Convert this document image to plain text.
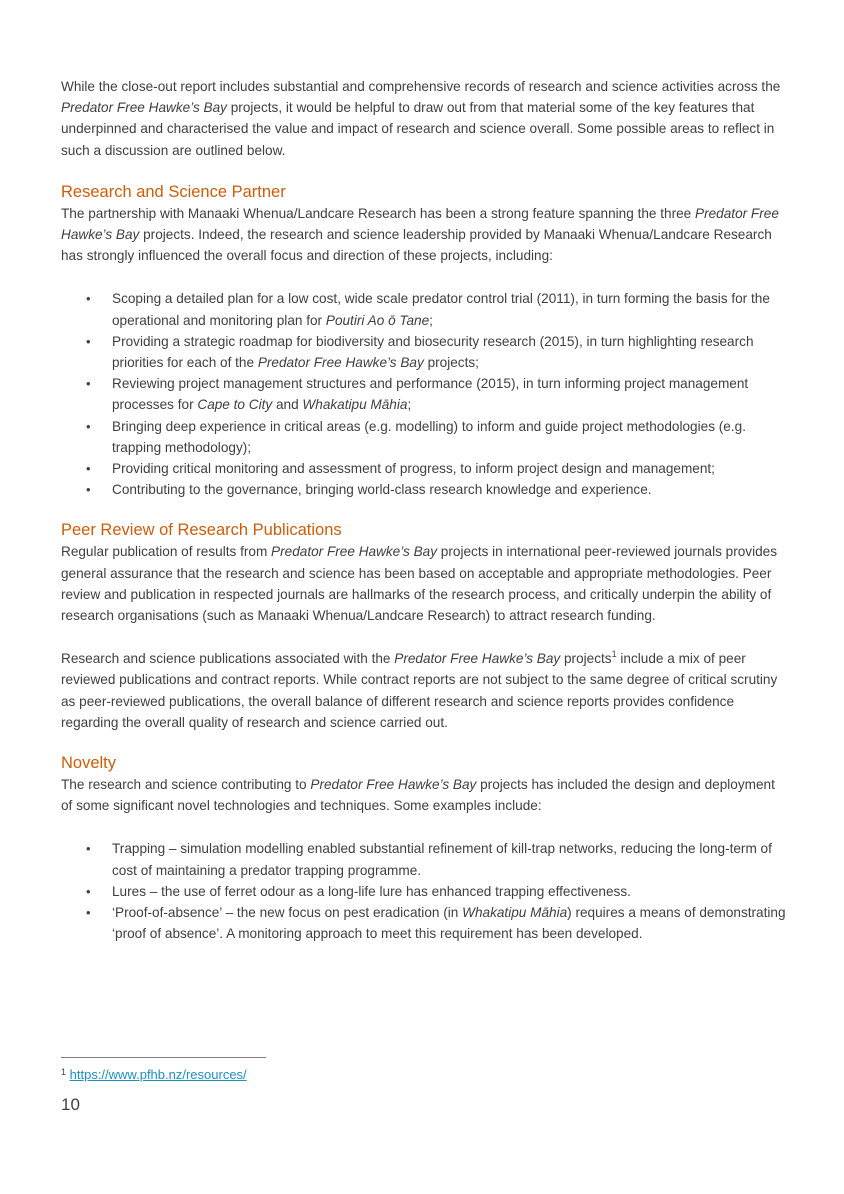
While the close-out report includes substantial and comprehensive records of research and science activities across the Predator Free Hawke’s Bay projects, it would be helpful to draw out from that material some of the key features that underpinned and characterised the value and impact of research and science overall. Some possible areas to reflect in such a discussion are outlined below.

Research and Science Partner

The partnership with Manaaki Whenua/Landcare Research has been a strong feature spanning the three Predator Free Hawke’s Bay projects. Indeed, the research and science leadership provided by Manaaki Whenua/Landcare Research has strongly influenced the overall focus and direction of these projects, including:

•	Scoping a detailed plan for a low cost, wide scale predator control trial (2011), in turn forming the basis for the operational and monitoring plan for Poutiri Ao ō Tane;
•	Providing a strategic roadmap for biodiversity and biosecurity research (2015), in turn highlighting research priorities for each of the Predator Free Hawke’s Bay projects;
•	Reviewing project management structures and performance (2015), in turn informing project management processes for Cape to City and Whakatipu Māhia;
•	Bringing deep experience in critical areas (e.g. modelling) to inform and guide project methodologies (e.g. trapping methodology);
•	Providing critical monitoring and assessment of progress, to inform project design and management;
•	Contributing to the governance, bringing world-class research knowledge and experience.
Peer Review of Research Publications

Regular publication of results from Predator Free Hawke’s Bay projects in international peer-reviewed journals provides general assurance that the research and science has been based on acceptable and appropriate methodologies. Peer review and publication in respected journals are hallmarks of the research process, and critically underpin the ability of research organisations (such as Manaaki Whenua/Landcare Research) to attract research funding.

Research and science publications associated with the Predator Free Hawke’s Bay projects$^1$ include a mix of peer reviewed publications and contract reports. While contract reports are not subject to the same degree of critical scrutiny as peer-reviewed publications, the overall balance of different research and science reports provides confidence regarding the overall quality of research and science carried out.

Novelty

The research and science contributing to Predator Free Hawke’s Bay projects has included the design and deployment of some significant novel technologies and techniques. Some examples include:

•	Trapping – simulation modelling enabled substantial refinement of kill-trap networks, reducing the long-term of cost of maintaining a predator trapping programme.
•	Lures – the use of ferret odour as a long-life lure has enhanced trapping effectiveness.
•	‘Proof-of-absence’ – the new focus on pest eradication (in Whakatipu Māhia) requires a means of demonstrating ‘proof of absence’. A monitoring approach to meet this requirement has been developed.
$^1$ https://www.pfhb.nz/resources/
10
